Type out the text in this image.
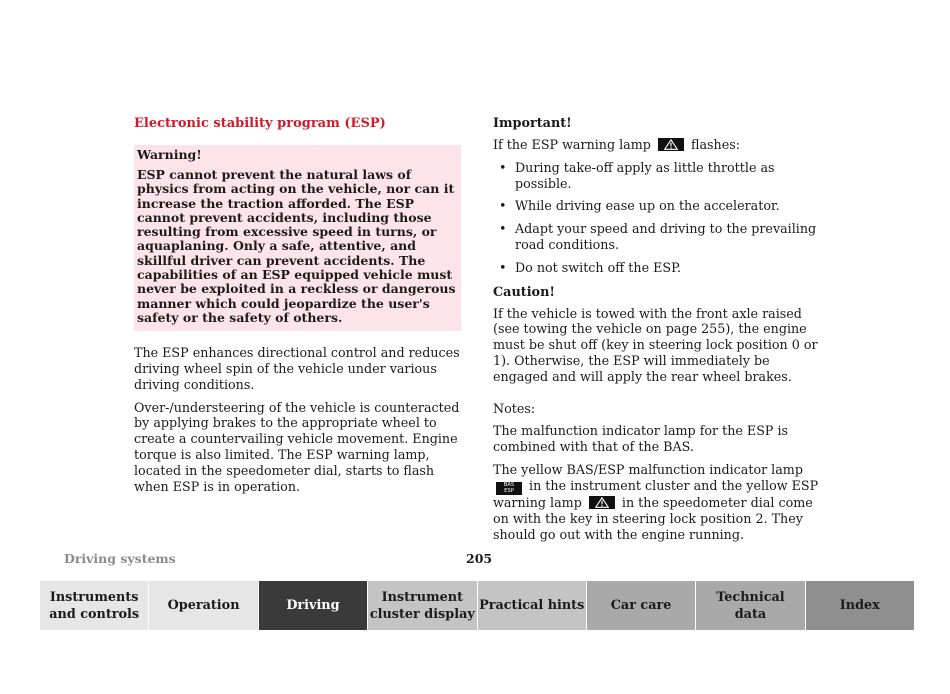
Electronic stability program (ESP)
Warning!
ESP cannot prevent the natural laws of physics from acting on the vehicle, nor can it increase the traction afforded. The ESP cannot prevent accidents, including those resulting from excessive speed in turns, or aquaplaning. Only a safe, attentive, and skillful driver can prevent accidents. The capabilities of an ESP equipped vehicle must never be exploited in a reckless or dangerous manner which could jeopardize the user's safety or the safety of others.

The ESP enhances directional control and reduces driving wheel spin of the vehicle under various driving conditions.

Over-/understeering of the vehicle is counteracted by applying brakes to the appropriate wheel to create a countervailing vehicle movement. Engine torque is also limited. The ESP warning lamp, located in the speedometer dial, starts to flash when ESP is in operation.

Important!

If the ESP warning lamp	flashes:

• During take-off apply as little throttle as possible.
• While driving ease up on the accelerator.
• Adapt your speed and driving to the prevailing road conditions.
• Do not switch off the ESP.
Caution!

If the vehicle is towed with the front axle raised (see towing the vehicle on page 255), the engine must be shut off (key in steering lock position 0 or 1). Otherwise, the ESP will immediately be engaged and will apply the rear wheel brakes.

Notes:

The malfunction indicator lamp for the ESP is combined with that of the BAS.

The yellow BAS/ESP malfunction indicator lamp BAS
ESP in the instrument cluster and the yellow ESP warning lamp	in the speedometer dial come on with the key in steering lock position 2. They should go out with the engine running.

Driving systems	205
Instruments
and controls
Operation	Driving
Instrument
cluster display
Practical hints Car care
Technical
data
Index
